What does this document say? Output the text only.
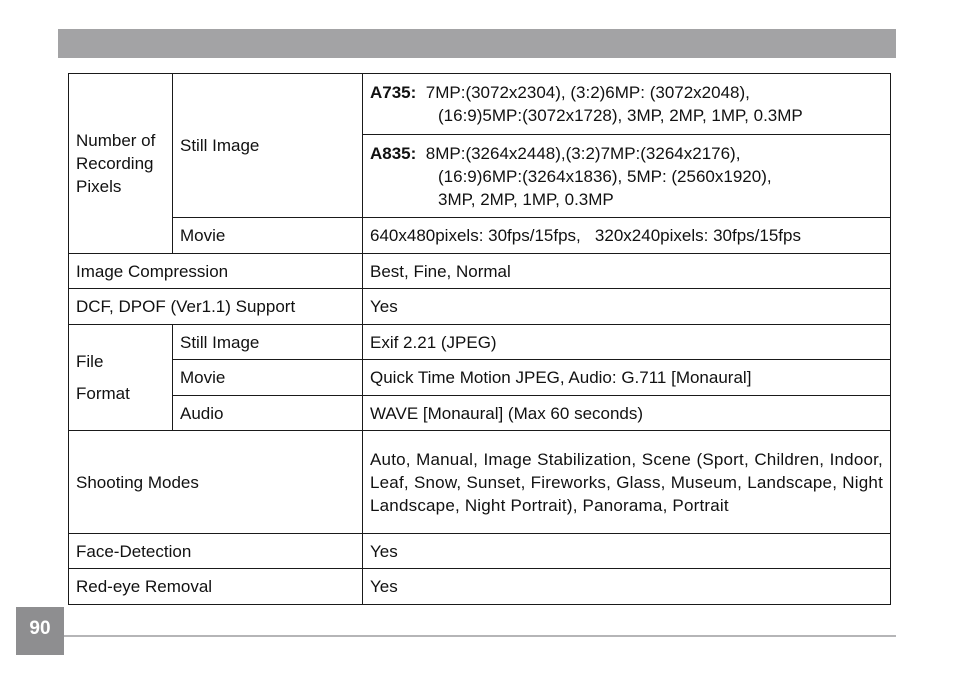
Number of Recording Pixels	Still Image	A735: 7MP:(3072x2304), (3:2)6MP: (3072x2048),
(16:9)5MP:(3072x1728), 3MP, 2MP, 1MP, 0.3MP

		A835: 8MP:(3264x2448),(3:2)7MP:(3264x2176),
(16:9)6MP:(3264x1836), 5MP: (2560x1920),
3MP, 2MP, 1MP, 0.3MP

	Movie	640x480pixels: 30fps/15fps,   320x240pixels: 30fps/15fps
Image Compression		Best, Fine, Normal
DCF, DPOF (Ver1.1) Support		Yes
File
Format	Still Image	Exif 2.21 (JPEG)
	Movie	Quick Time Motion JPEG, Audio: G.711 [Monaural]
	Audio	WAVE [Monaural] (Max 60 seconds)
Shooting Modes		Auto, Manual, Image Stabilization, Scene (Sport, Children, Indoor, Leaf, Snow, Sunset, Fireworks, Glass, Museum, Landscape, Night Landscape, Night Portrait), Panorama, Portrait
Face-Detection		Yes
Red-eye Removal		Yes
90
